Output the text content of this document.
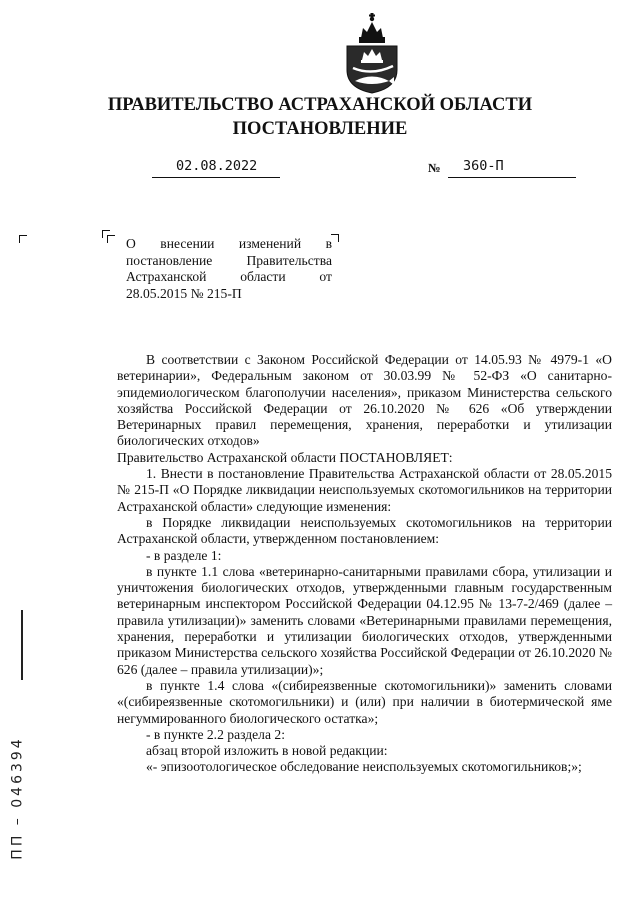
ПРАВИТЕЛЬСТВО АСТРАХАНСКОЙ ОБЛАСТИ
ПОСТАНОВЛЕНИЕ
02.08.2022	№ 360-П
О внесении изменений в постановление Правительства Астраханской области от 28.05.2015 № 215-П

В соответствии с Законом Российской Федерации от 14.05.93 № 4979-1 «О ветеринарии», Федеральным законом от 30.03.99 № 52-ФЗ «О санитарно-эпидемиологическом благополучии населения», приказом Министерства сельского хозяйства Российской Федерации от 26.10.2020 № 626 «Об утверждении Ветеринарных правил перемещения, хранения, переработки и утилизации биологических отходов»

Правительство Астраханской области ПОСТАНОВЛЯЕТ:

1. Внести в постановление Правительства Астраханской области от 28.05.2015 № 215-П «О Порядке ликвидации неиспользуемых скотомогильников на территории Астраханской области» следующие изменения:

в Порядке ликвидации неиспользуемых скотомогильников на территории Астраханской области, утвержденном постановлением:

- в разделе 1:

в пункте 1.1 слова «ветеринарно-санитарными правилами сбора, утилизации и уничтожения биологических отходов, утвержденными главным государственным ветеринарным инспектором Российской Федерации 04.12.95 № 13-7-2/469 (далее – правила утилизации)» заменить словами «Ветеринарными правилами перемещения, хранения, переработки и утилизации биологических отходов, утвержденными приказом Министерства сельского хозяйства Российской Федерации от 26.10.2020 № 626 (далее – правила утилизации)»;

в пункте 1.4 слова «(сибиреязвенные скотомогильники)» заменить словами «(сибиреязвенные скотомогильники) и (или) при наличии в биотермической яме негуммированного биологического остатка»;

- в пункте 2.2 раздела 2:

абзац второй изложить в новой редакции:

«- эпизоотологическое обследование неиспользуемых скотомогильников;»;

ПП – 046394
